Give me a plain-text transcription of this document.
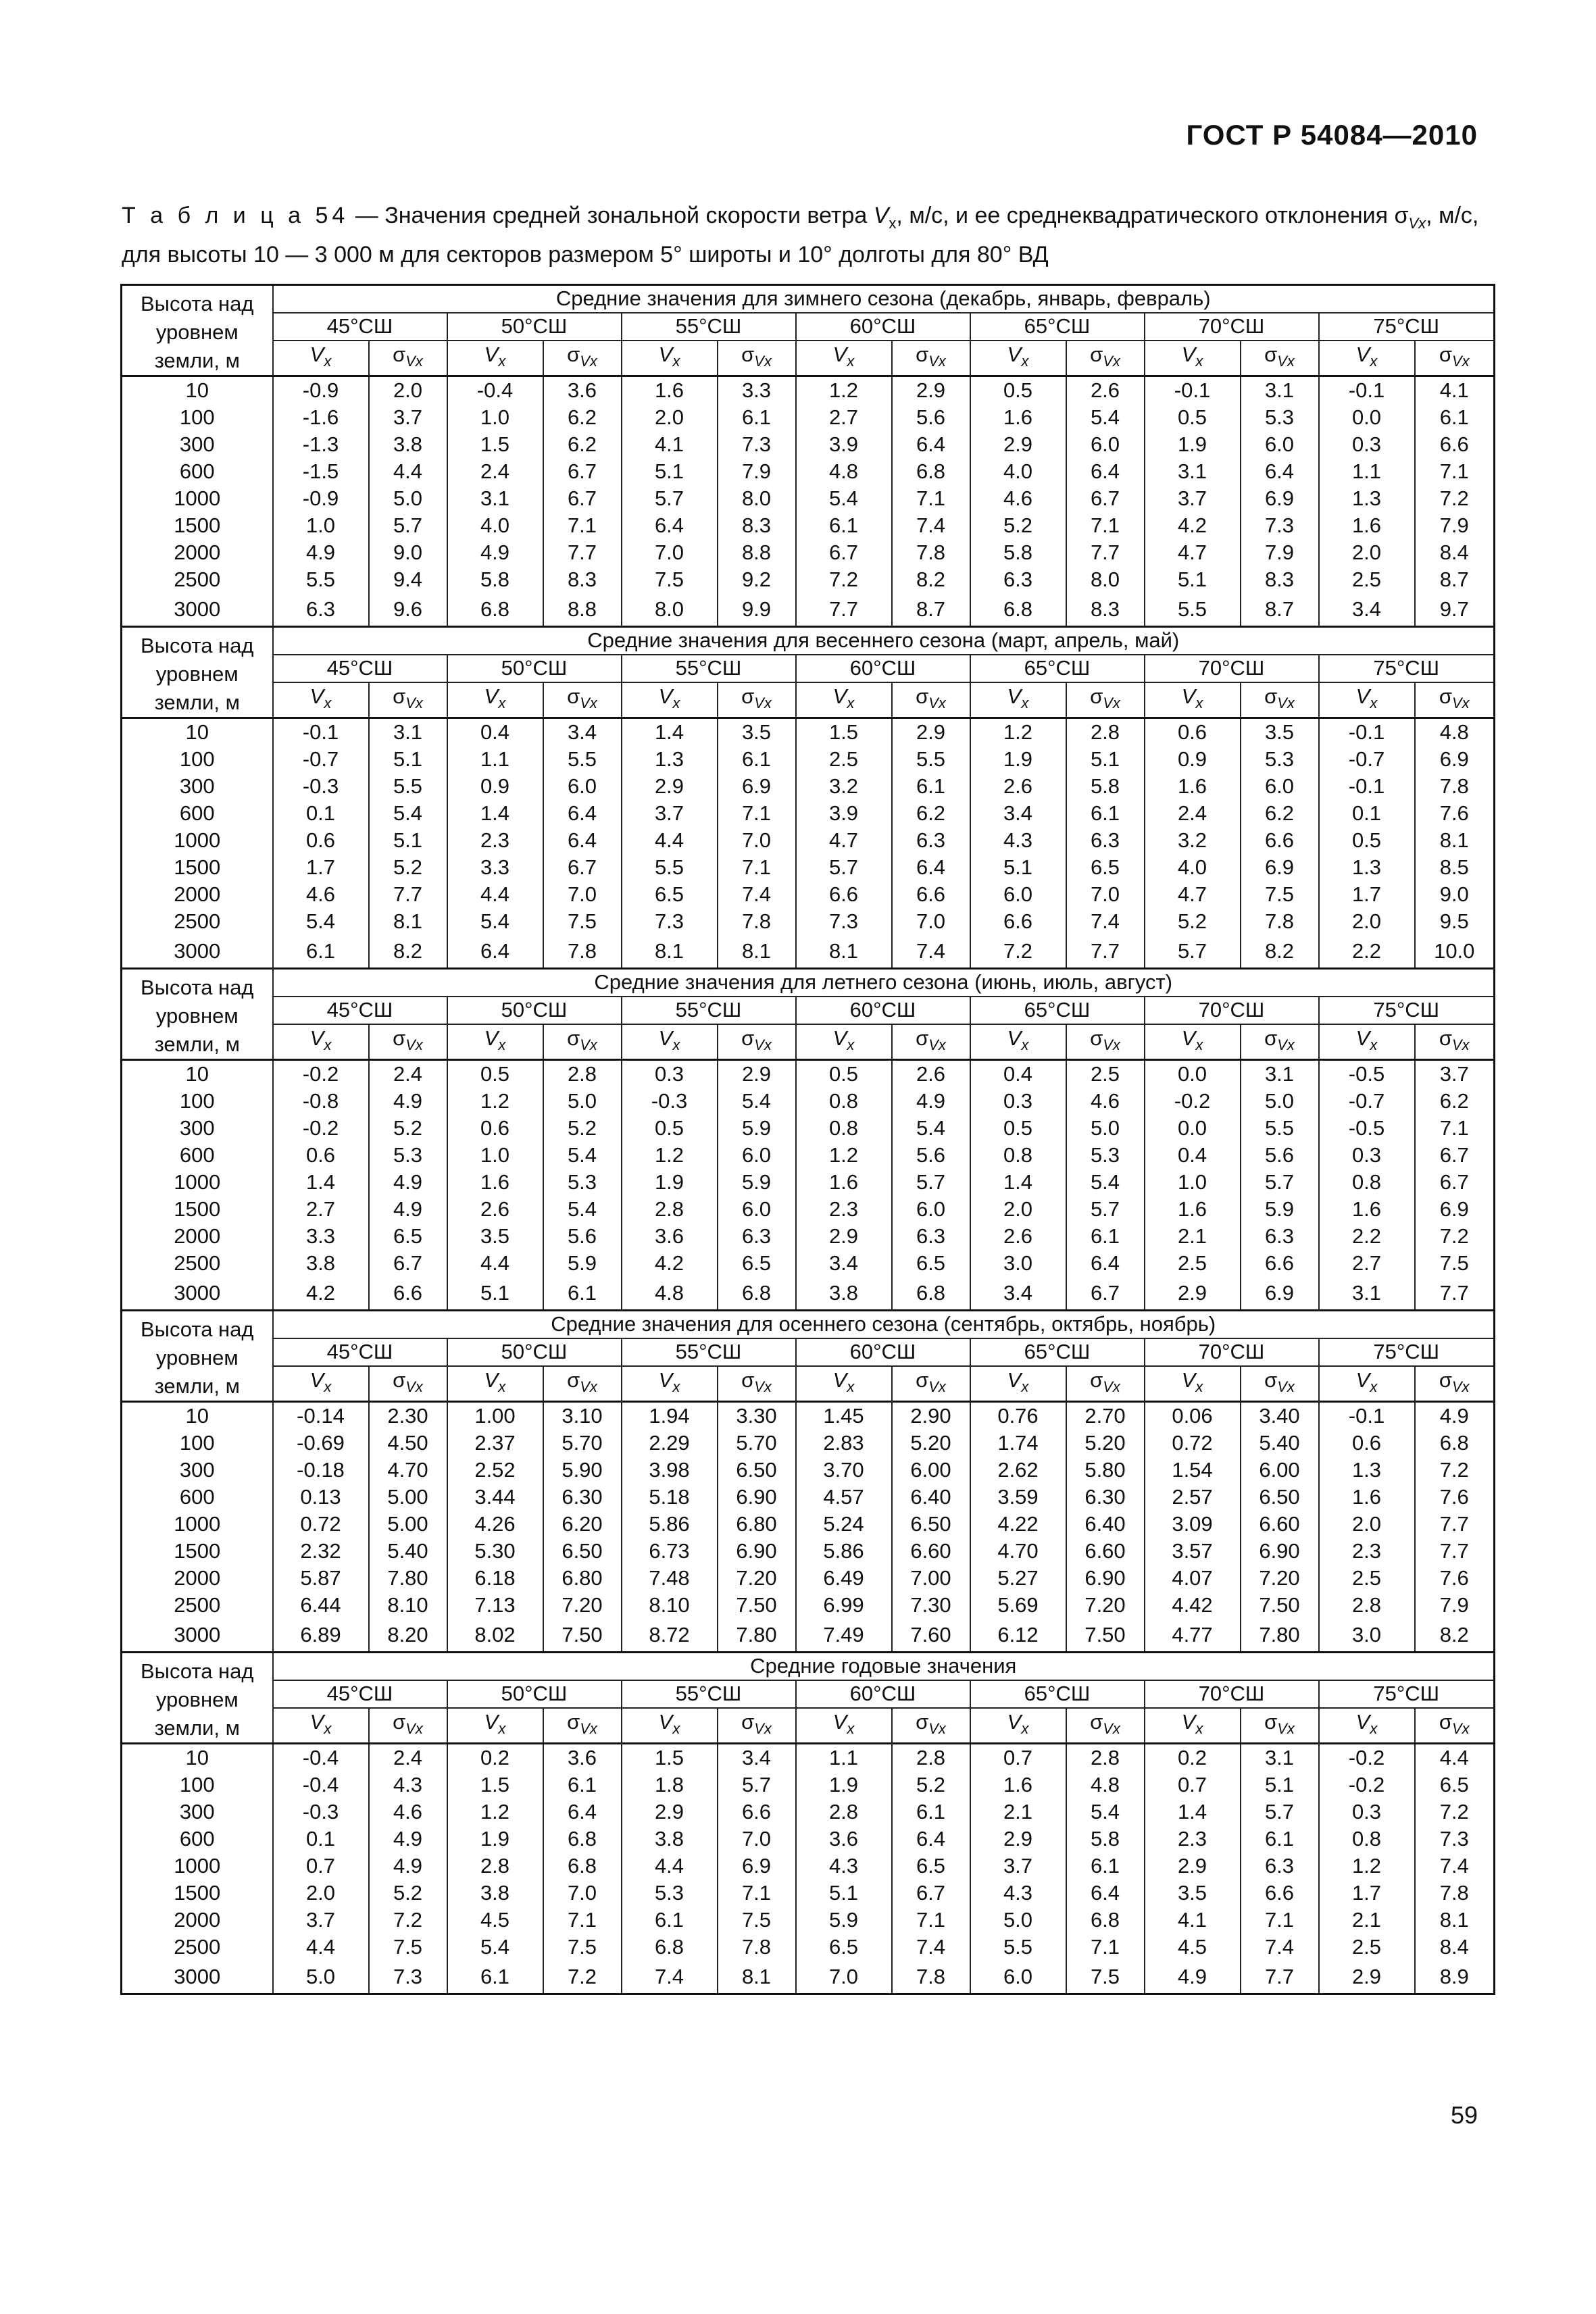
ГОСТ Р 54084—2010
Т а б л и ц а 54 — Значения средней зональной скорости ветра $V_x$, м/с, и ее среднеквадратического отклонения $\sigma_{Vx}$, м/с, для высоты 10 — 3 000 м для секторов размером 5° широты и 10° долготы для 80° ВД
Высота над уровнем земли, м	Средние значения для зимнего сезона (декабрь, январь, февраль)													
	45°СШ		50°СШ		55°СШ		60°СШ		65°СШ		70°СШ		75°СШ	
	$V_x$	$\sigma_{Vx}$	$V_x$	$\sigma_{Vx}$	$V_x$	$\sigma_{Vx}$	$V_x$	$\sigma_{Vx}$	$V_x$	$\sigma_{Vx}$	$V_x$	$\sigma_{Vx}$	$V_x$	$\sigma_{Vx}$
10	-0.9	2.0	-0.4	3.6	1.6	3.3	1.2	2.9	0.5	2.6	-0.1	3.1	-0.1	4.1
100	-1.6	3.7	1.0	6.2	2.0	6.1	2.7	5.6	1.6	5.4	0.5	5.3	0.0	6.1
300	-1.3	3.8	1.5	6.2	4.1	7.3	3.9	6.4	2.9	6.0	1.9	6.0	0.3	6.6
600	-1.5	4.4	2.4	6.7	5.1	7.9	4.8	6.8	4.0	6.4	3.1	6.4	1.1	7.1
1000	-0.9	5.0	3.1	6.7	5.7	8.0	5.4	7.1	4.6	6.7	3.7	6.9	1.3	7.2
1500	1.0	5.7	4.0	7.1	6.4	8.3	6.1	7.4	5.2	7.1	4.2	7.3	1.6	7.9
2000	4.9	9.0	4.9	7.7	7.0	8.8	6.7	7.8	5.8	7.7	4.7	7.9	2.0	8.4
2500	5.5	9.4	5.8	8.3	7.5	9.2	7.2	8.2	6.3	8.0	5.1	8.3	2.5	8.7
3000	6.3	9.6	6.8	8.8	8.0	9.9	7.7	8.7	6.8	8.3	5.5	8.7	3.4	9.7
Высота над уровнем земли, м	Средние значения для весеннего сезона (март, апрель, май)													
	45°СШ		50°СШ		55°СШ		60°СШ		65°СШ		70°СШ		75°СШ	
	$V_x$	$\sigma_{Vx}$	$V_x$	$\sigma_{Vx}$	$V_x$	$\sigma_{Vx}$	$V_x$	$\sigma_{Vx}$	$V_x$	$\sigma_{Vx}$	$V_x$	$\sigma_{Vx}$	$V_x$	$\sigma_{Vx}$
10	-0.1	3.1	0.4	3.4	1.4	3.5	1.5	2.9	1.2	2.8	0.6	3.5	-0.1	4.8
100	-0.7	5.1	1.1	5.5	1.3	6.1	2.5	5.5	1.9	5.1	0.9	5.3	-0.7	6.9
300	-0.3	5.5	0.9	6.0	2.9	6.9	3.2	6.1	2.6	5.8	1.6	6.0	-0.1	7.8
600	0.1	5.4	1.4	6.4	3.7	7.1	3.9	6.2	3.4	6.1	2.4	6.2	0.1	7.6
1000	0.6	5.1	2.3	6.4	4.4	7.0	4.7	6.3	4.3	6.3	3.2	6.6	0.5	8.1
1500	1.7	5.2	3.3	6.7	5.5	7.1	5.7	6.4	5.1	6.5	4.0	6.9	1.3	8.5
2000	4.6	7.7	4.4	7.0	6.5	7.4	6.6	6.6	6.0	7.0	4.7	7.5	1.7	9.0
2500	5.4	8.1	5.4	7.5	7.3	7.8	7.3	7.0	6.6	7.4	5.2	7.8	2.0	9.5
3000	6.1	8.2	6.4	7.8	8.1	8.1	8.1	7.4	7.2	7.7	5.7	8.2	2.2	10.0
Высота над уровнем земли, м	Средние значения для летнего сезона (июнь, июль, август)													
	45°СШ		50°СШ		55°СШ		60°СШ		65°СШ		70°СШ		75°СШ	
	$V_x$	$\sigma_{Vx}$	$V_x$	$\sigma_{Vx}$	$V_x$	$\sigma_{Vx}$	$V_x$	$\sigma_{Vx}$	$V_x$	$\sigma_{Vx}$	$V_x$	$\sigma_{Vx}$	$V_x$	$\sigma_{Vx}$
10	-0.2	2.4	0.5	2.8	0.3	2.9	0.5	2.6	0.4	2.5	0.0	3.1	-0.5	3.7
100	-0.8	4.9	1.2	5.0	-0.3	5.4	0.8	4.9	0.3	4.6	-0.2	5.0	-0.7	6.2
300	-0.2	5.2	0.6	5.2	0.5	5.9	0.8	5.4	0.5	5.0	0.0	5.5	-0.5	7.1
600	0.6	5.3	1.0	5.4	1.2	6.0	1.2	5.6	0.8	5.3	0.4	5.6	0.3	6.7
1000	1.4	4.9	1.6	5.3	1.9	5.9	1.6	5.7	1.4	5.4	1.0	5.7	0.8	6.7
1500	2.7	4.9	2.6	5.4	2.8	6.0	2.3	6.0	2.0	5.7	1.6	5.9	1.6	6.9
2000	3.3	6.5	3.5	5.6	3.6	6.3	2.9	6.3	2.6	6.1	2.1	6.3	2.2	7.2
2500	3.8	6.7	4.4	5.9	4.2	6.5	3.4	6.5	3.0	6.4	2.5	6.6	2.7	7.5
3000	4.2	6.6	5.1	6.1	4.8	6.8	3.8	6.8	3.4	6.7	2.9	6.9	3.1	7.7
Высота над уровнем земли, м	Средние значения для осеннего сезона (сентябрь, октябрь, ноябрь)													
	45°СШ		50°СШ		55°СШ		60°СШ		65°СШ		70°СШ		75°СШ	
	$V_x$	$\sigma_{Vx}$	$V_x$	$\sigma_{Vx}$	$V_x$	$\sigma_{Vx}$	$V_x$	$\sigma_{Vx}$	$V_x$	$\sigma_{Vx}$	$V_x$	$\sigma_{Vx}$	$V_x$	$\sigma_{Vx}$
10	-0.14	2.30	1.00	3.10	1.94	3.30	1.45	2.90	0.76	2.70	0.06	3.40	-0.1	4.9
100	-0.69	4.50	2.37	5.70	2.29	5.70	2.83	5.20	1.74	5.20	0.72	5.40	0.6	6.8
300	-0.18	4.70	2.52	5.90	3.98	6.50	3.70	6.00	2.62	5.80	1.54	6.00	1.3	7.2
600	0.13	5.00	3.44	6.30	5.18	6.90	4.57	6.40	3.59	6.30	2.57	6.50	1.6	7.6
1000	0.72	5.00	4.26	6.20	5.86	6.80	5.24	6.50	4.22	6.40	3.09	6.60	2.0	7.7
1500	2.32	5.40	5.30	6.50	6.73	6.90	5.86	6.60	4.70	6.60	3.57	6.90	2.3	7.7
2000	5.87	7.80	6.18	6.80	7.48	7.20	6.49	7.00	5.27	6.90	4.07	7.20	2.5	7.6
2500	6.44	8.10	7.13	7.20	8.10	7.50	6.99	7.30	5.69	7.20	4.42	7.50	2.8	7.9
3000	6.89	8.20	8.02	7.50	8.72	7.80	7.49	7.60	6.12	7.50	4.77	7.80	3.0	8.2
Высота над уровнем земли, м	Средние годовые значения													
	45°СШ		50°СШ		55°СШ		60°СШ		65°СШ		70°СШ		75°СШ	
	$V_x$	$\sigma_{Vx}$	$V_x$	$\sigma_{Vx}$	$V_x$	$\sigma_{Vx}$	$V_x$	$\sigma_{Vx}$	$V_x$	$\sigma_{Vx}$	$V_x$	$\sigma_{Vx}$	$V_x$	$\sigma_{Vx}$
10	-0.4	2.4	0.2	3.6	1.5	3.4	1.1	2.8	0.7	2.8	0.2	3.1	-0.2	4.4
100	-0.4	4.3	1.5	6.1	1.8	5.7	1.9	5.2	1.6	4.8	0.7	5.1	-0.2	6.5
300	-0.3	4.6	1.2	6.4	2.9	6.6	2.8	6.1	2.1	5.4	1.4	5.7	0.3	7.2
600	0.1	4.9	1.9	6.8	3.8	7.0	3.6	6.4	2.9	5.8	2.3	6.1	0.8	7.3
1000	0.7	4.9	2.8	6.8	4.4	6.9	4.3	6.5	3.7	6.1	2.9	6.3	1.2	7.4
1500	2.0	5.2	3.8	7.0	5.3	7.1	5.1	6.7	4.3	6.4	3.5	6.6	1.7	7.8
2000	3.7	7.2	4.5	7.1	6.1	7.5	5.9	7.1	5.0	6.8	4.1	7.1	2.1	8.1
2500	4.4	7.5	5.4	7.5	6.8	7.8	6.5	7.4	5.5	7.1	4.5	7.4	2.5	8.4
3000	5.0	7.3	6.1	7.2	7.4	8.1	7.0	7.8	6.0	7.5	4.9	7.7	2.9	8.9
59
